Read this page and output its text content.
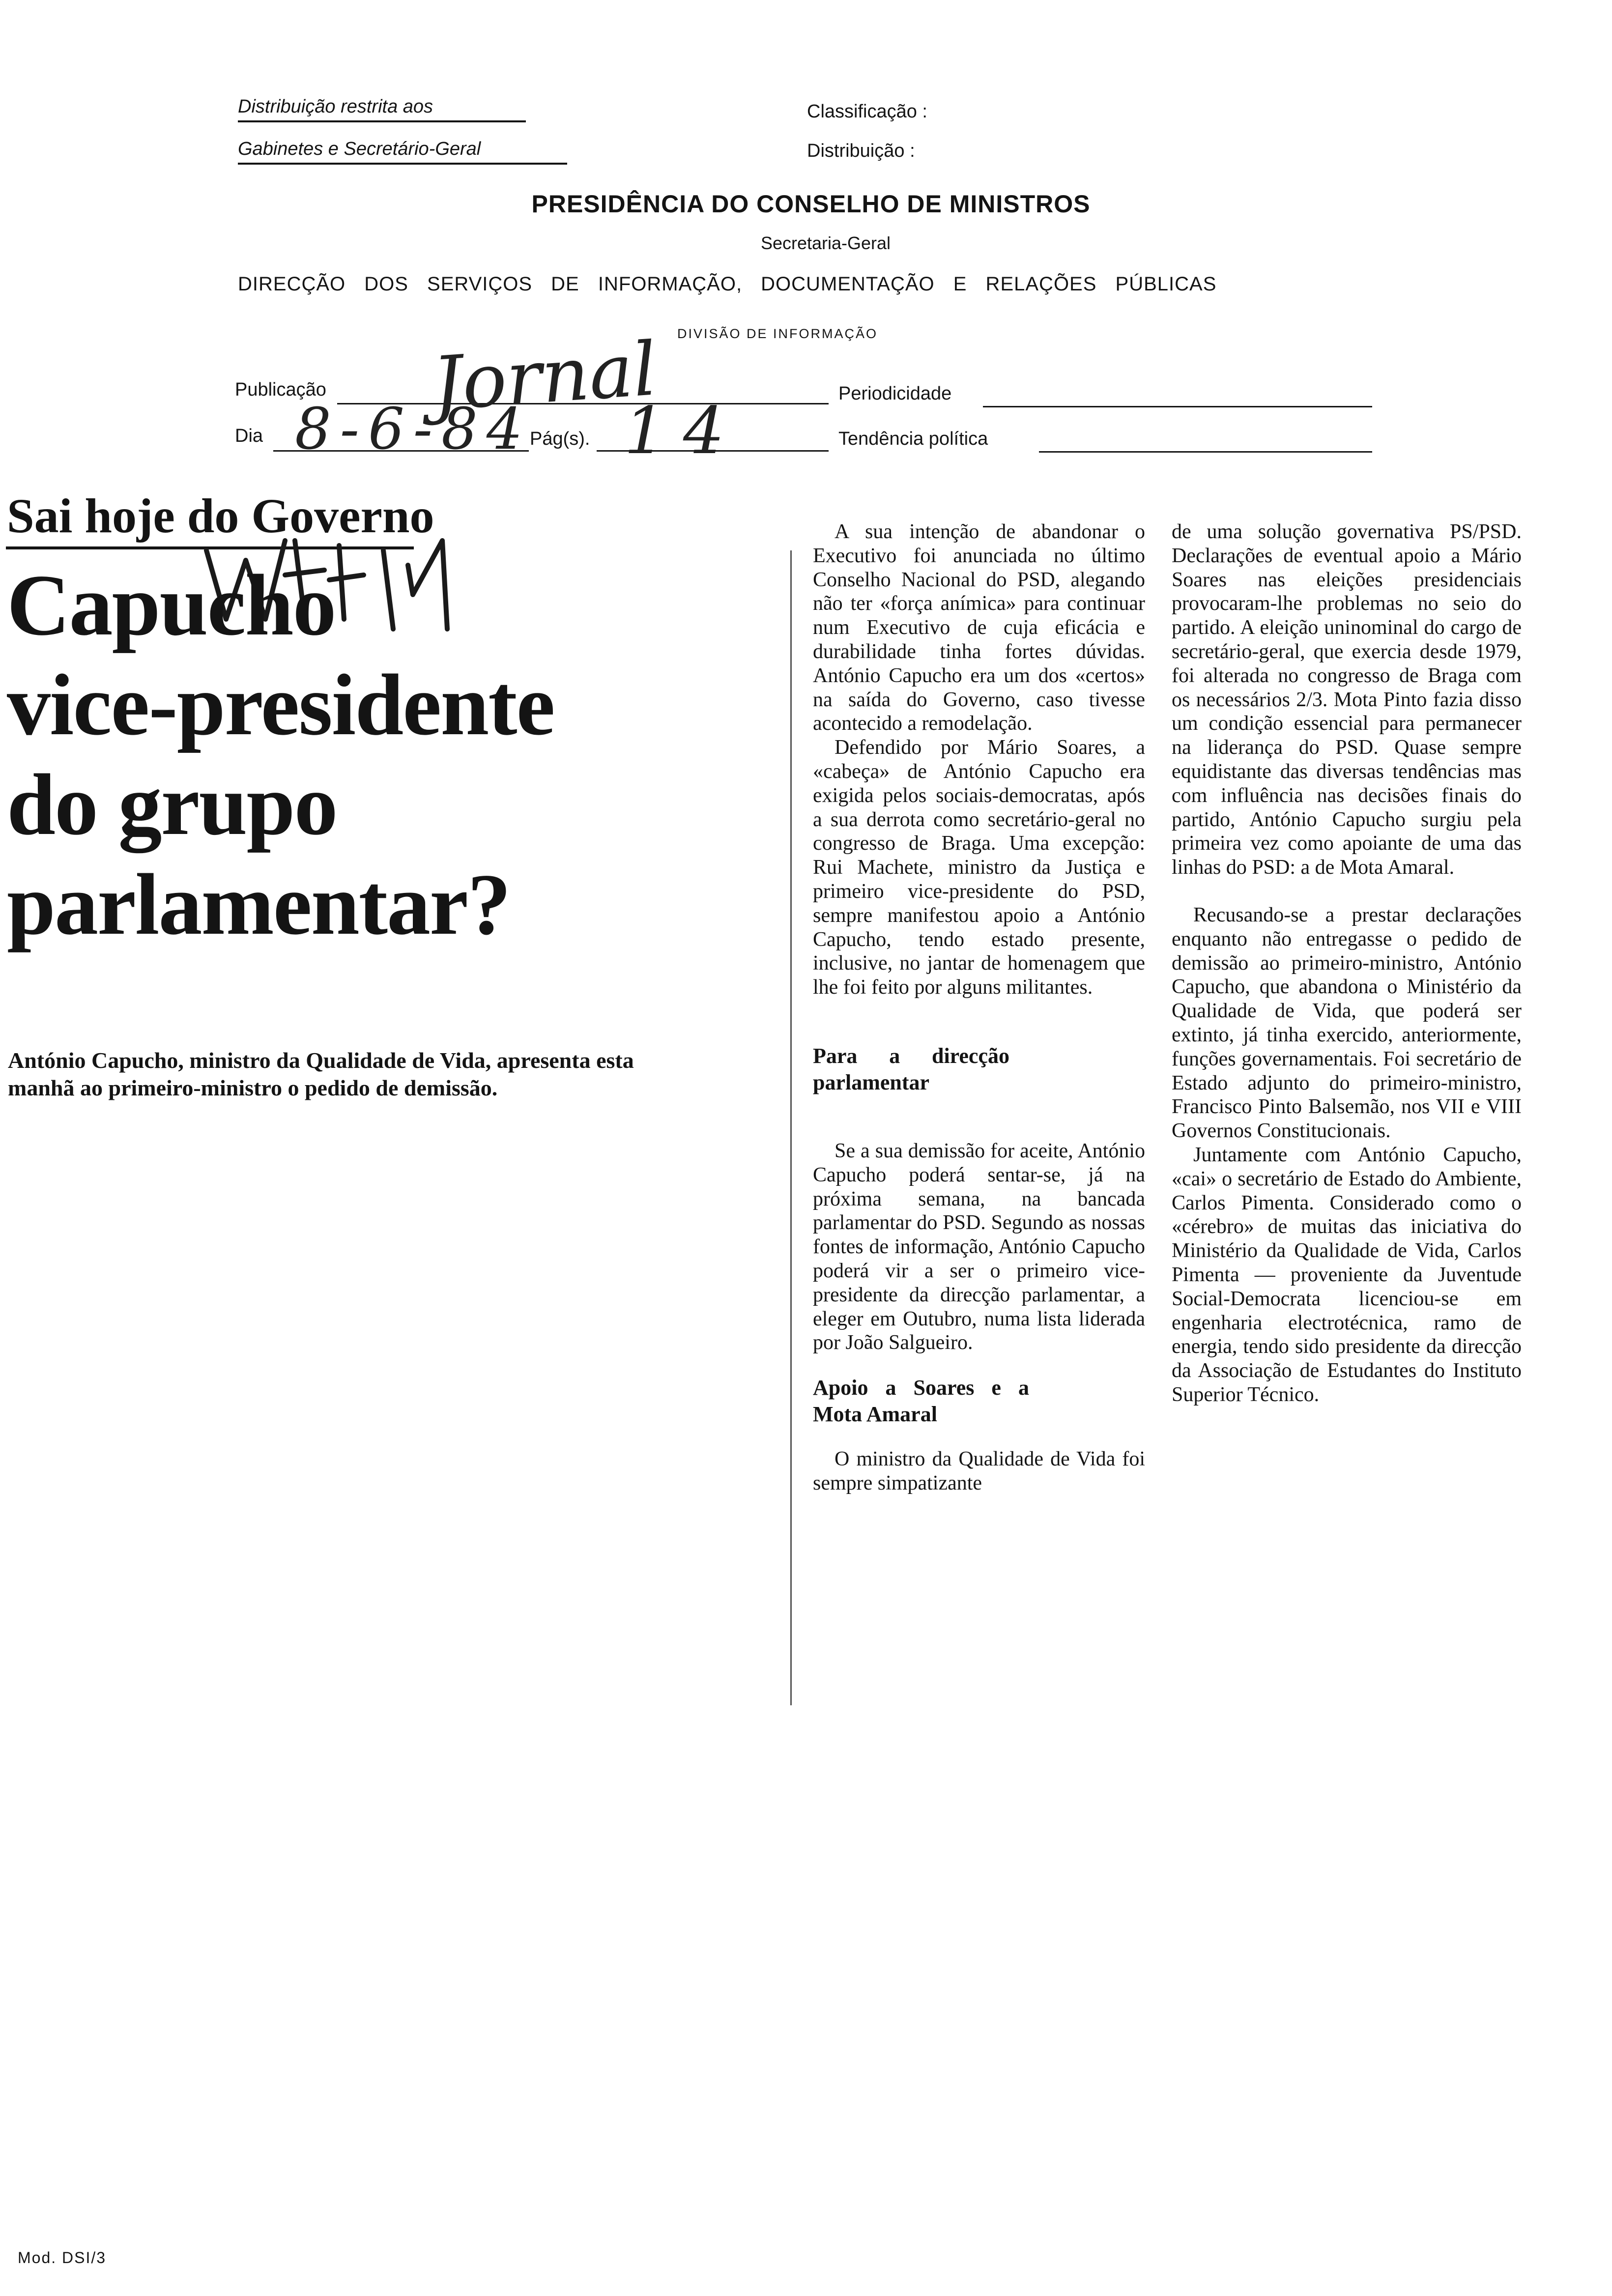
Distribuição restrita aos
Gabinetes e Secretário-Geral
Classificação :
Distribuição :
PRESIDÊNCIA DO CONSELHO DE MINISTROS
Secretaria-Geral
DIRECÇÃO DOS SERVIÇOS DE INFORMAÇÃO, DOCUMENTAÇÃO E RELAÇÕES PÚBLICAS
DIVISÃO DE INFORMAÇÃO
Publicação Jornal	Periodicidade
Dia 8-6-84
Pág(s). 14	Tendência política
Sai hoje do Governo
Capucho
vice-presidente
do grupo
parlamentar?
António Capucho, ministro da Qualidade de Vida, apresenta esta manhã ao primeiro-ministro o pedido de demissão.

A sua intenção de abandonar o Executivo foi anunciada no último Conselho Nacional do PSD, alegando não ter «força anímica» para continuar num Executivo de cuja eficácia e durabilidade tinha fortes dúvidas. António Capucho era um dos «certos» na saída do Governo, caso tivesse acontecido a remodelação.

Defendido por Mário Soares, a «cabeça» de António Capucho era exigida pelos sociais-democratas, após a sua derrota como secretário-geral no congresso de Braga. Uma excepção: Rui Machete, ministro da Justiça e primeiro vice-presidente do PSD, sempre manifestou apoio a António Capucho, tendo estado presente, inclusive, no jantar de homenagem que lhe foi feito por alguns militantes.

Para a direcção parlamentar

Se a sua demissão for aceite, António Capucho poderá sentar-se, já na próxima semana, na bancada parlamentar do PSD. Segundo as nossas fontes de informação, António Capucho poderá vir a ser o primeiro vice-presidente da direcção parlamentar, a eleger em Outubro, numa lista liderada por João Salgueiro.

Apoio a Soares e a Mota Amaral

O ministro da Qualidade de Vida foi sempre simpatizante

de uma solução governativa PS/PSD. Declarações de eventual apoio a Mário Soares nas eleições presidenciais provocaram-lhe problemas no seio do partido. A eleição uninominal do cargo de secretário-geral, que exercia desde 1979, foi alterada no congresso de Braga com os necessários 2/3. Mota Pinto fazia disso um condição essencial para permanecer na liderança do PSD. Quase sempre equidistante das diversas tendências mas com influência nas decisões finais do partido, António Capucho surgiu pela primeira vez como apoiante de uma das linhas do PSD: a de Mota Amaral.

Recusando-se a prestar declarações enquanto não entregasse o pedido de demissão ao primeiro-ministro, António Capucho, que abandona o Ministério da Qualidade de Vida, que poderá ser extinto, já tinha exercido, anteriormente, funções governamentais. Foi secretário de Estado adjunto do primeiro-ministro, Francisco Pinto Balsemão, nos VII e VIII Governos Constitucionais.

Juntamente com António Capucho, «cai» o secretário de Estado do Ambiente, Carlos Pimenta. Considerado como o «cérebro» de muitas das iniciativa do Ministério da Qualidade de Vida, Carlos Pimenta — proveniente da Juventude Social-Democrata licenciou-se em engenharia electrotécnica, ramo de energia, tendo sido presidente da direcção da Associação de Estudantes do Instituto Superior Técnico.

Mod. DSI/3
